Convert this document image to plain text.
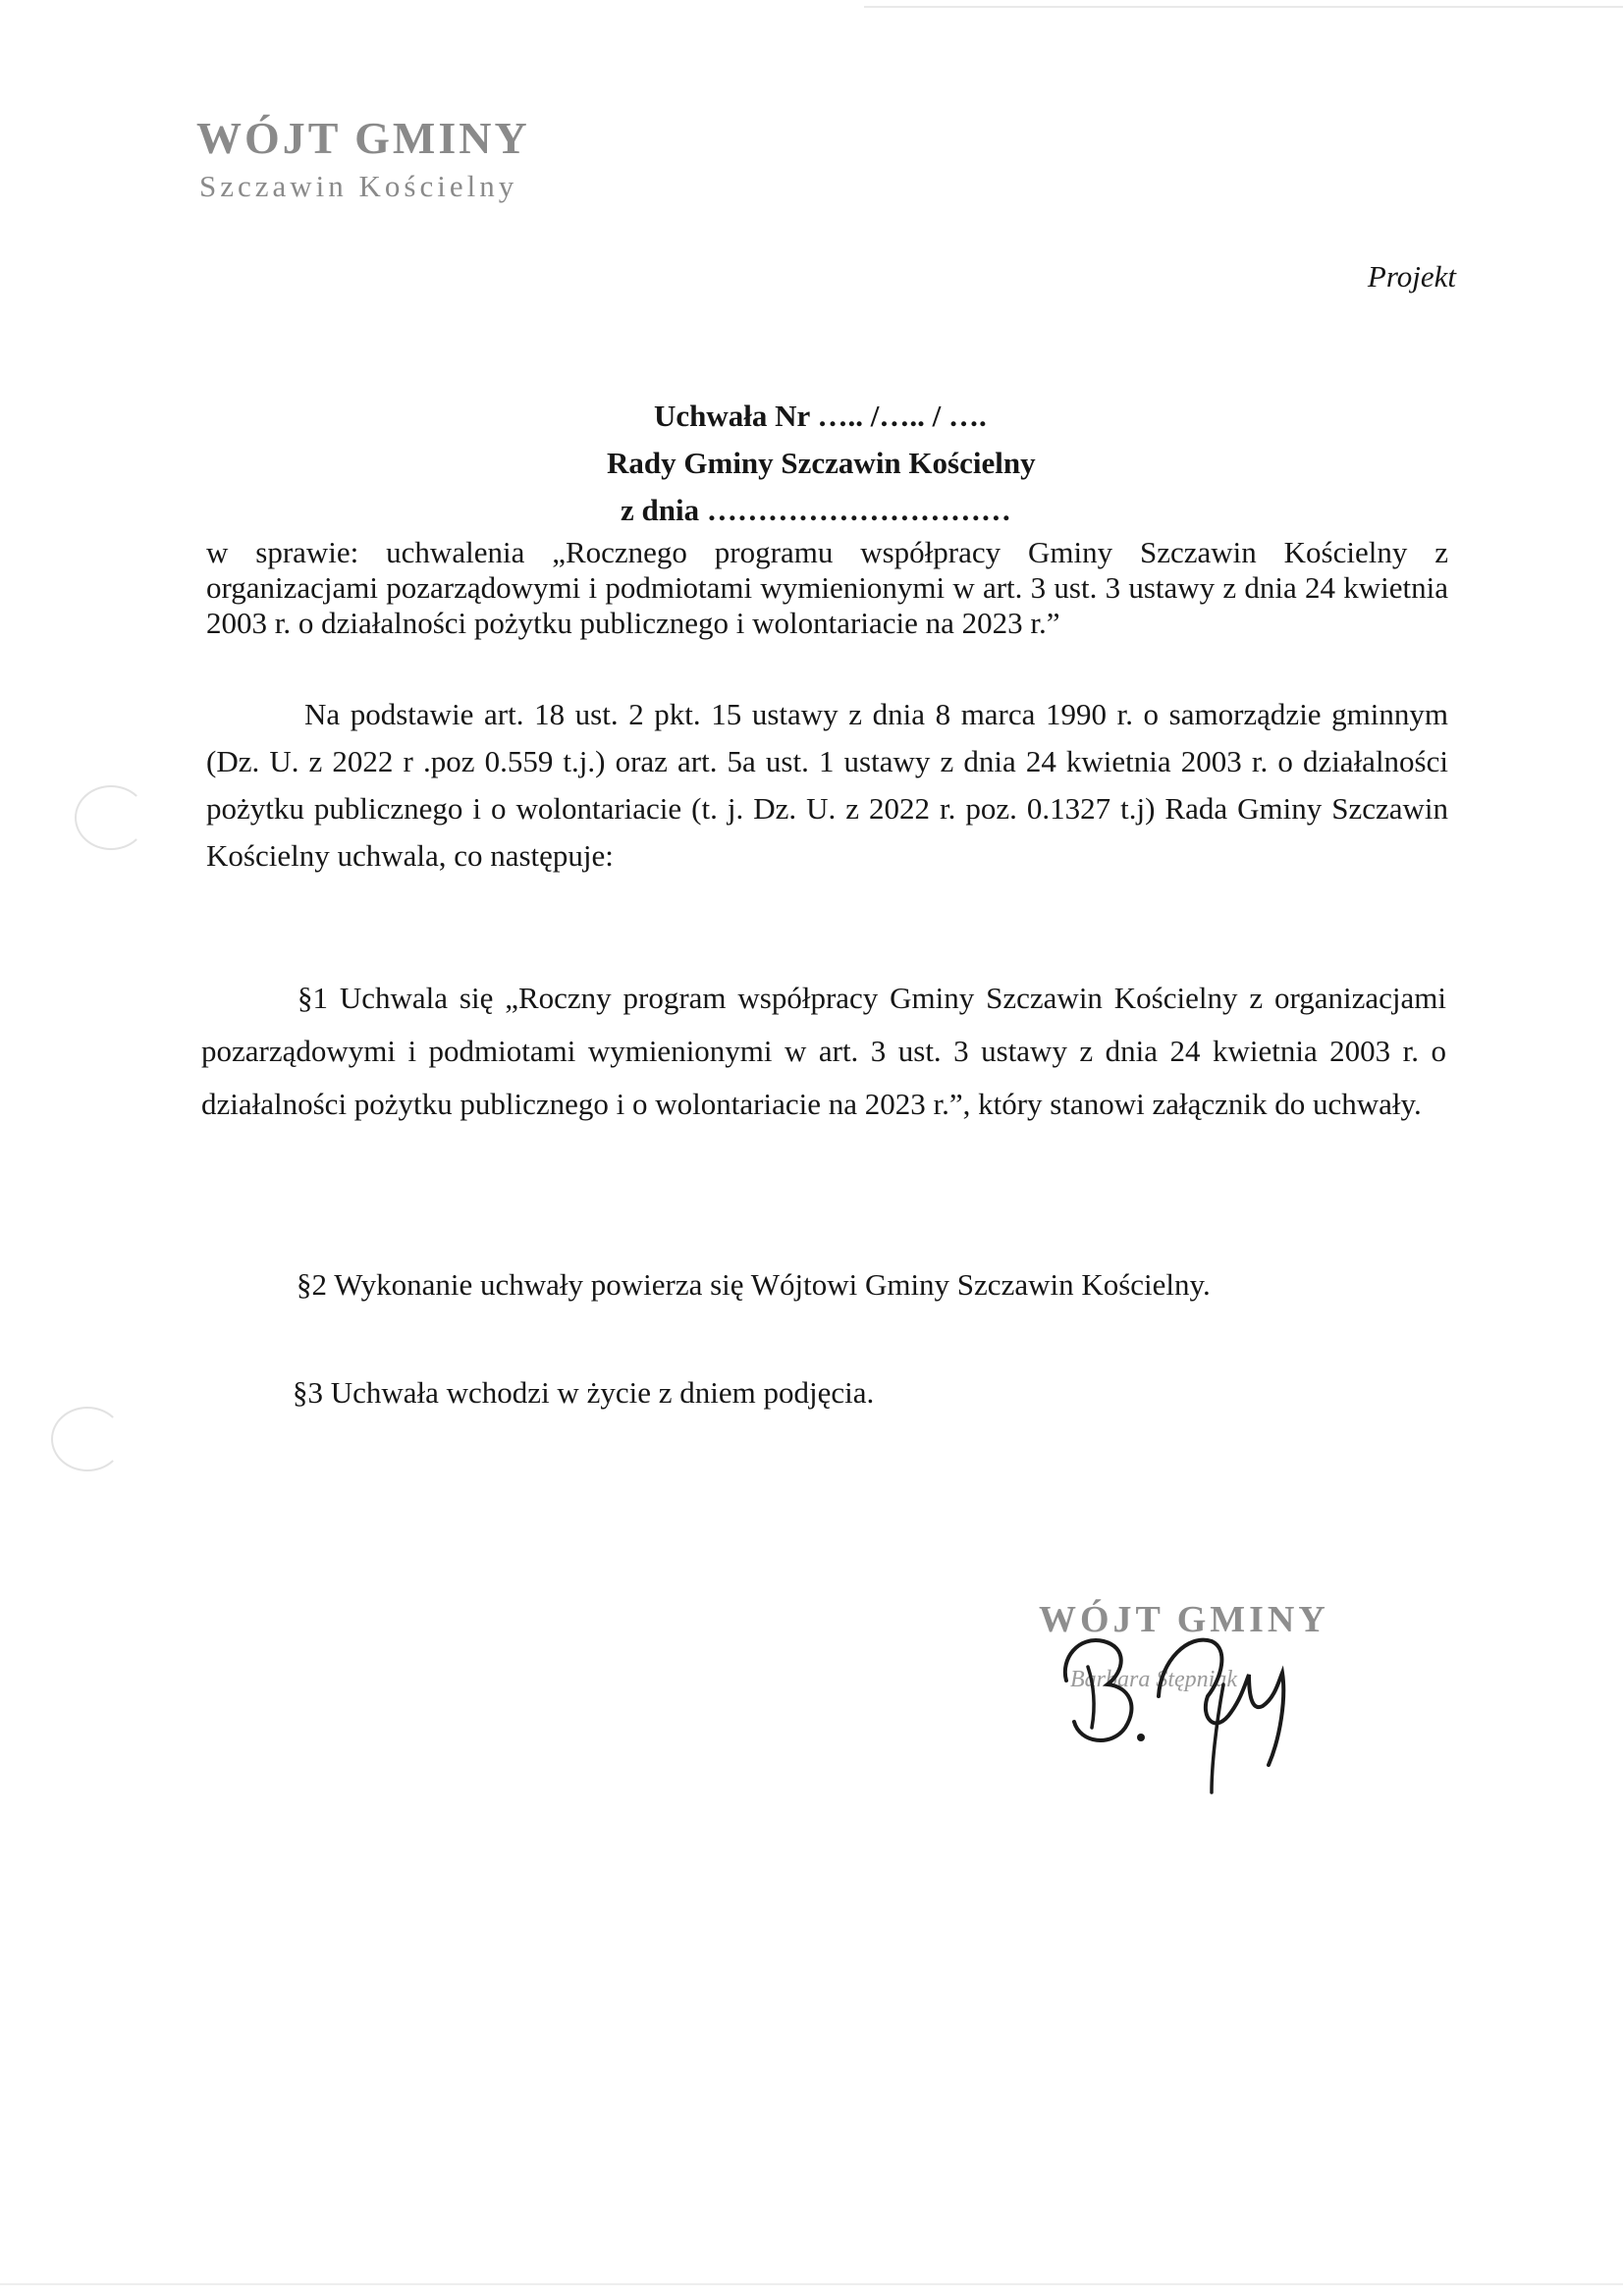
WÓJT GMINY
Szczawin Kościelny
Projekt
Uchwała Nr ….. /….. / ….
Rady Gminy Szczawin Kościelny
z dnia …………………………
w sprawie: uchwalenia „Rocznego programu współpracy Gminy Szczawin Kościelny z organizacjami pozarządowymi i podmiotami wymienionymi w art. 3 ust. 3 ustawy z dnia 24 kwietnia 2003 r. o działalności pożytku publicznego i wolontariacie na 2023 r.”
Na podstawie art. 18 ust. 2 pkt. 15 ustawy z dnia 8 marca 1990 r. o samorządzie gminnym (Dz. U. z 2022 r .poz 0.559 t.j.) oraz art. 5a ust. 1 ustawy z dnia 24 kwietnia 2003 r. o działalności pożytku publicznego i o wolontariacie (t. j. Dz. U. z 2022 r. poz. 0.1327 t.j) Rada Gminy Szczawin Kościelny uchwala, co następuje:
§1 Uchwala się „Roczny program współpracy Gminy Szczawin Kościelny z organizacjami pozarządowymi i podmiotami wymienionymi w art. 3 ust. 3 ustawy z dnia 24 kwietnia 2003 r. o działalności pożytku publicznego i o wolontariacie na 2023 r.”, który stanowi załącznik do uchwały.
§2 Wykonanie uchwały powierza się Wójtowi Gminy Szczawin Kościelny.
§3 Uchwała wchodzi w życie z dniem podjęcia.
WÓJT GMINY
Barbara Stępniak
